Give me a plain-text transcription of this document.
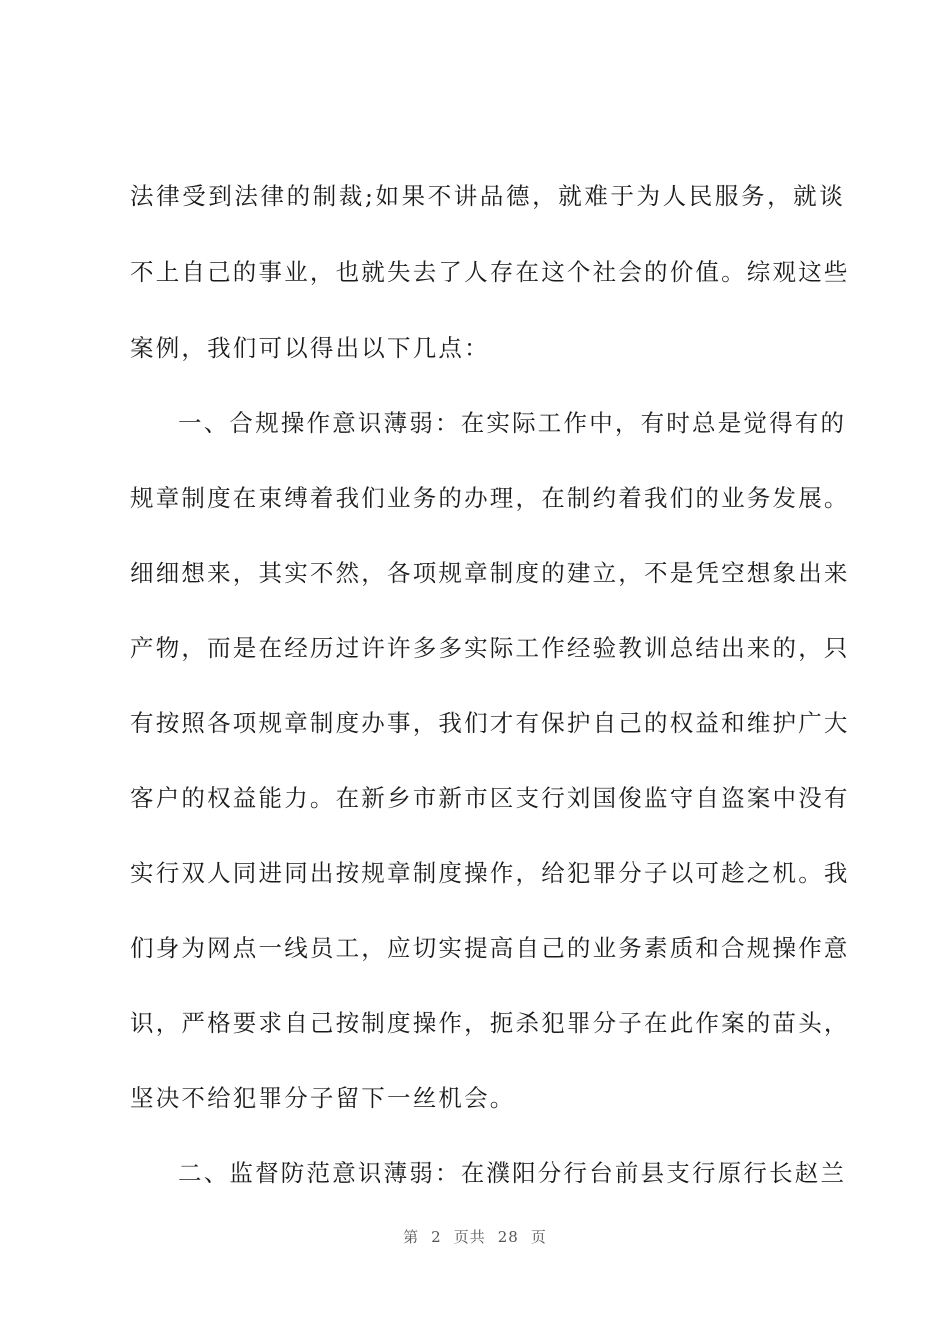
法律受到法律的制裁;如果不讲品德，就难于为人民服务，就谈
不上自己的事业，也就失去了人存在这个社会的价值。综观这些
案例，我们可以得出以下几点：
一、合规操作意识薄弱：在实际工作中，有时总是觉得有的
规章制度在束缚着我们业务的办理，在制约着我们的业务发展。
细细想来，其实不然，各项规章制度的建立，不是凭空想象出来
产物，而是在经历过许许多多实际工作经验教训总结出来的，只
有按照各项规章制度办事，我们才有保护自己的权益和维护广大
客户的权益能力。在新乡市新市区支行刘国俊监守自盗案中没有
实行双人同进同出按规章制度操作，给犯罪分子以可趁之机。我
们身为网点一线员工，应切实提高自己的业务素质和合规操作意
识，严格要求自己按制度操作，扼杀犯罪分子在此作案的苗头，
坚决不给犯罪分子留下一丝机会。
二、监督防范意识薄弱：在濮阳分行台前县支行原行长赵兰
第 2 页共 28 页
